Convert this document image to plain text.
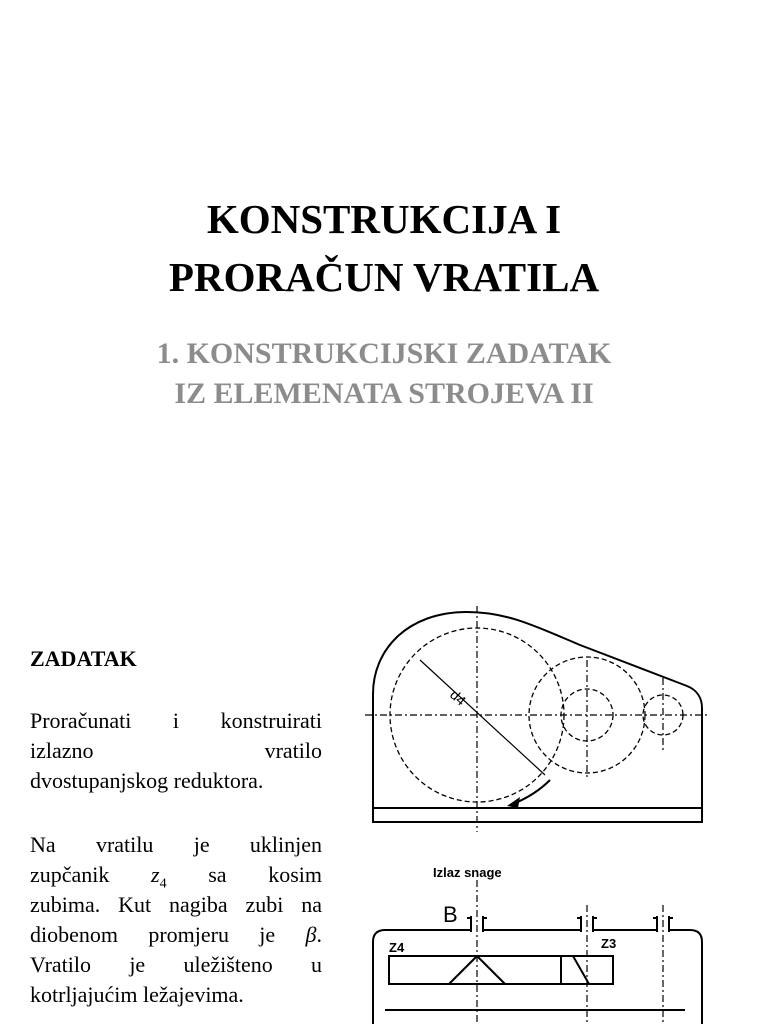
KONSTRUKCIJA I
PRORAČUN VRATILA
1. KONSTRUKCIJSKI ZADATAK
IZ ELEMENATA STROJEVA II
ZADATAK
Proračunati i konstruirati
izlazno	vratilo
dvostupanjskog reduktora.
Na vratilu je uklinjen
zupčanik $z_4$ sa kosim
zubima. Kut nagiba zubi na
diobenom promjeru je β.
Vratilo je uležišteno u
kotrljajućim ležajevima.
d4
Izlaz snage
B
Z4	Z3
